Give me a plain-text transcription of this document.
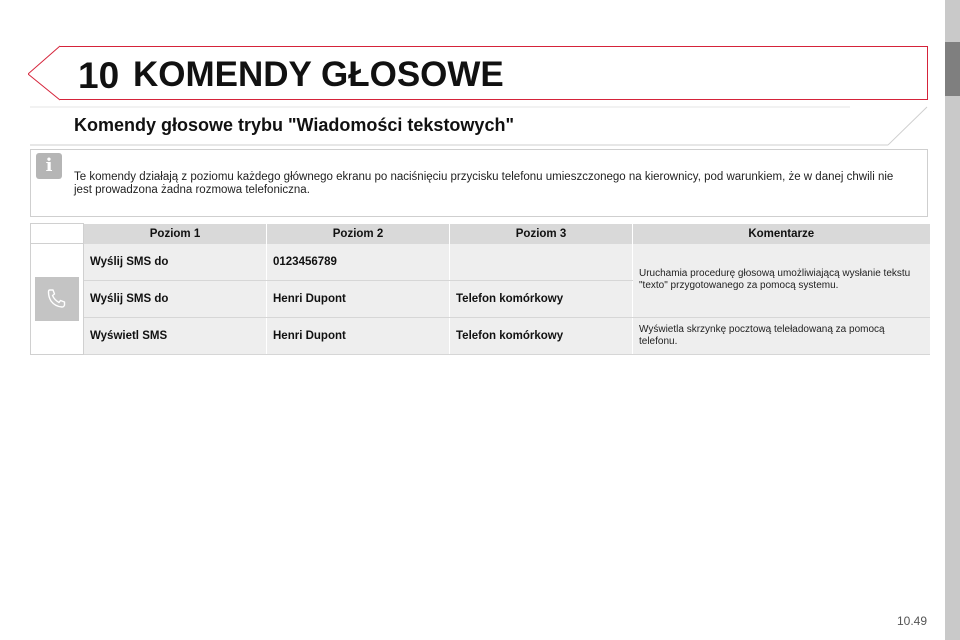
10 KOMENDY GŁOSOWE
Komendy głosowe trybu "Wiadomości tekstowych"
i
Te komendy działają z poziomu każdego głównego ekranu po naciśnięciu przycisku telefonu umieszczonego na kierownicy, pod warunkiem, że w danej chwili nie jest prowadzona żadna rozmowa telefoniczna.
	Poziom 1	Poziom 2	Poziom 3	Komentarze

	Wyślij SMS do	0123456789		Uruchamia procedurę głosową umożliwiającą wysłanie tekstu "texto" przygotowanego za pomocą systemu.
	Wyślij SMS do	Henri Dupont	Telefon komórkowy	
	Wyświetl SMS	Henri Dupont	Telefon komórkowy	Wyświetla skrzynkę pocztową teleładowaną za pomocą telefonu.
10.49
